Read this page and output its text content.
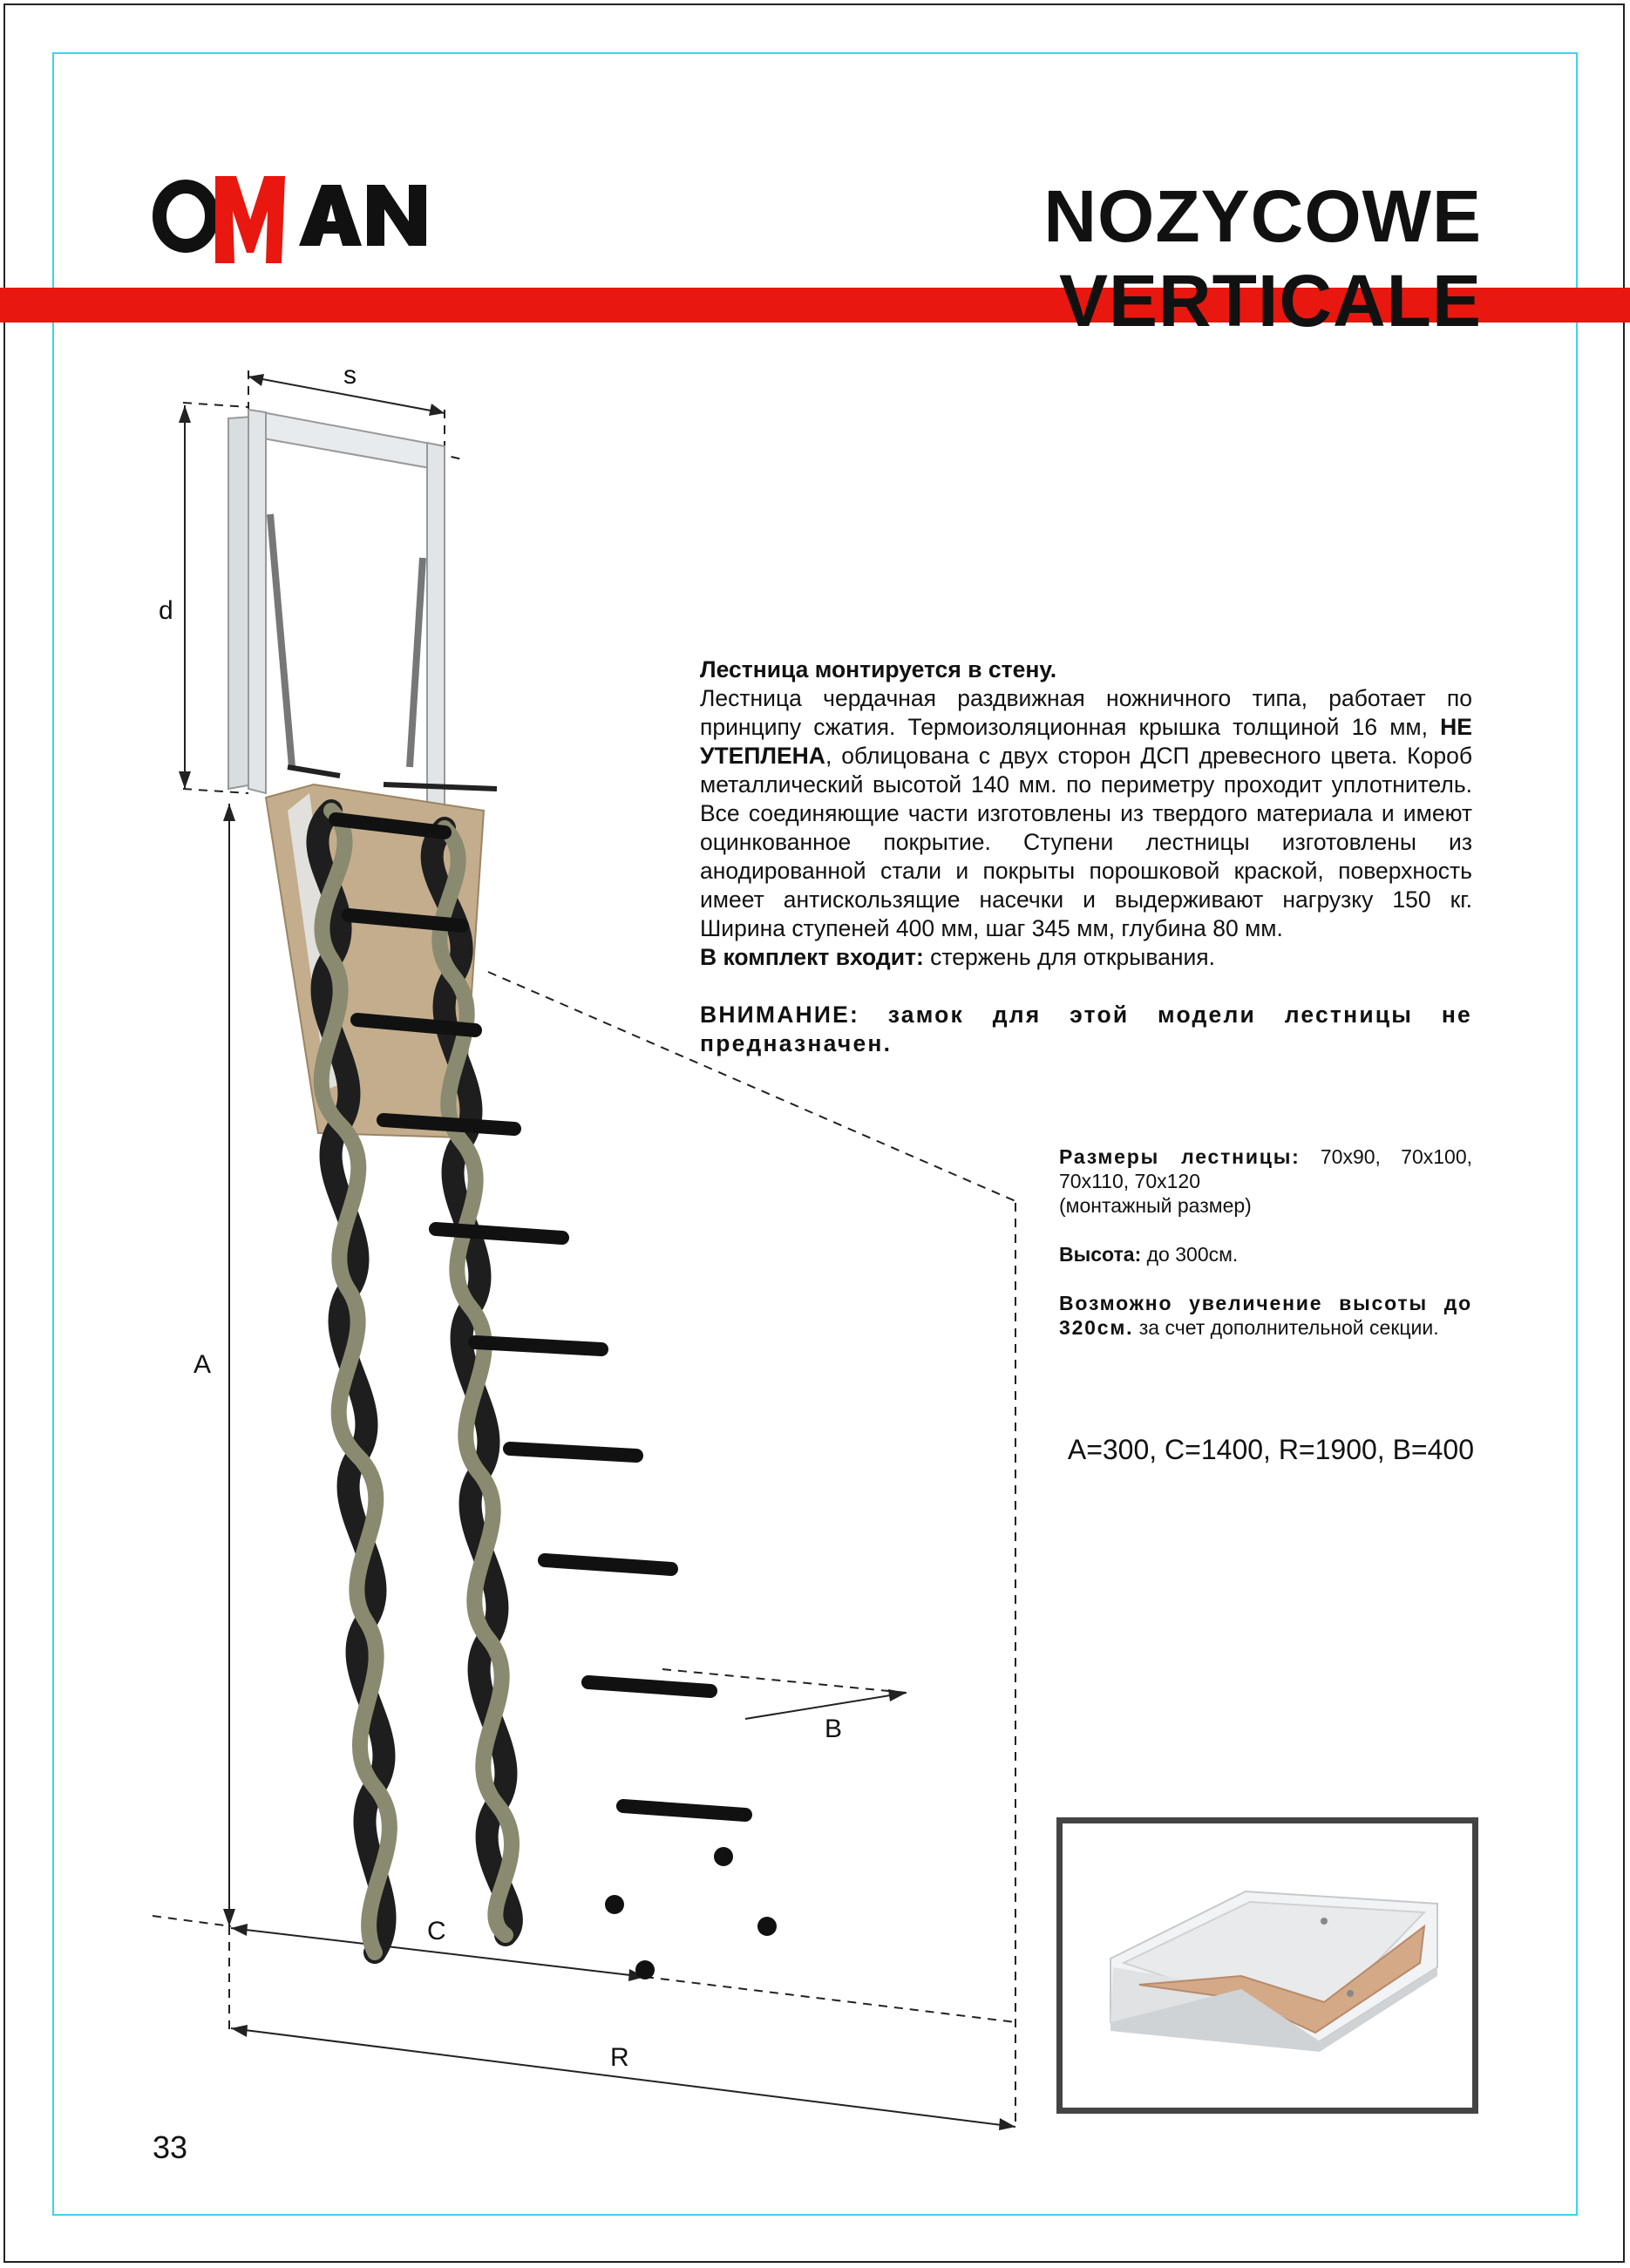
NOZYCOWE VERTICALE
s
d
A
B
C
R

Лестница монтируется в стену.

Лестница чердачная раздвижная ножничного типа, работает по принципу сжатия. Термоизоляционная крышка толщиной 16 мм, НЕ УТЕПЛЕНА, облицована с двух сторон ДСП древесного цвета. Короб металлический высотой 140 мм. по периметру проходит уплотнитель. Все соединяющие части изготовлены из твердого материала и имеют оцинкованное покрытие. Ступени лестницы изготовлены из анодированной стали и покрыты порошковой краской, поверхность имеет антискользящие насечки и выдерживают нагрузку 150 кг. Ширина ступеней 400 мм, шаг 345 мм, глубина 80 мм.

В комплект входит: стержень для открывания.

ВНИМАНИЕ: замок для этой модели лестницы не предназначен.

Размеры лестницы: 70x90, 70x100, 70x110, 70x120
(монтажный размер)

Высота: до 300см.

Возможно увеличение высоты до 320см. за счет дополнительной секции.

A=300, C=1400, R=1900, B=400
33
